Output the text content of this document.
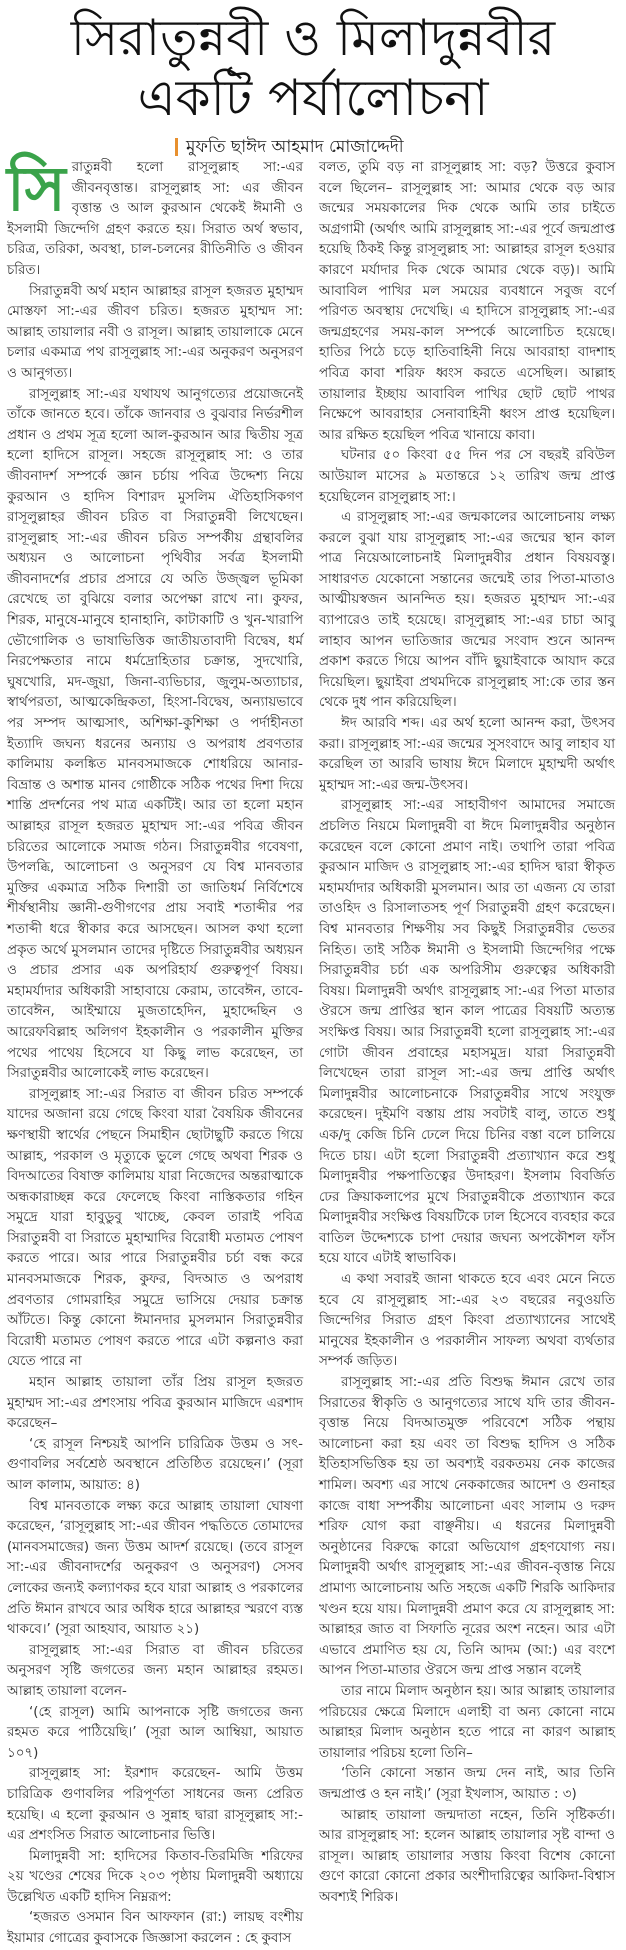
সিরাতুন্নবী ও মিলাদুন্নবীর
একটি পর্যালোচনা
মুফতি ছাঈদ আহমাদ মোজাদ্দেদী

সিরাতুন্নবী হলো রাসূলুল্লাহ সা:-এর জীবনবৃত্তান্ত। রাসূলুল্লাহ সা: এর জীবন বৃত্তান্ত ও আল কুরআন থেকেই ঈমানী ও ইসলামী জিন্দেগি গ্রহণ করতে হয়। সিরাত অর্থ স্বভাব, চরিত্র, তরিকা, অবস্থা, চাল-চলনের রীতিনীতি ও জীবন চরিত।

সিরাতুন্নবী অর্থ মহান আল্লাহর রাসূল হজরত মুহাম্মদ মোস্তফা সা:-এর জীবণ চরিত। হজরত মুহাম্মদ সা: আল্লাহ তায়ালার নবী ও রাসূল। আল্লাহ তায়ালাকে মেনে চলার একমাত্র পথ রাসূলুল্লাহ সা:-এর অনুকরণ অনুসরণ ও আনুগত্য।

রাসূলুল্লাহ সা:-এর যথাযথ আনুগত্যের প্রয়োজনেই তাঁকে জানতে হবে। তাঁকে জানবার ও বুঝবার নির্ভরশীল প্রধান ও প্রথম সূত্র হলো আল-কুরআন আর দ্বিতীয় সূত্র হলো হাদিসে রাসূল। সহজে রাসূলুল্লাহ সা: ও তার জীবনাদর্শ সম্পর্কে জ্ঞান চর্চায় পবিত্র উদ্দেশ্য নিয়ে কুরআন ও হাদিস বিশারদ মুসলিম ঐতিহাসিকগণ রাসূলুল্লাহর জীবন চরিত বা সিরাতুন্নবী লিখেছেন। রাসূলুল্লাহ সা:-এর জীবন চরিত সম্পর্কীয় গ্রন্থাবলির অধ্যয়ন ও আলোচনা পৃথিবীর সর্বত্র ইসলামী জীবনাদর্শের প্রচার প্রসারে যে অতি উজ্জ্বল ভূমিকা রেখেছে তা বুঝিয়ে বলার অপেক্ষা রাখে না। কুফর, শিরক, মানুষে-মানুষে হানাহানি, কাটাকাটি ও খুন-খারাপি ভৌগোলিক ও ভাষাভিত্তিক জাতীয়তাবাদী বিদ্বেষ, ধর্ম নিরপেক্ষতার নামে ধর্মদ্রোহিতার চক্রান্ত, সুদখোরি, ঘুষখোরি, মদ-জুয়া, জিনা-ব্যভিচার, জুলুম-অত্যাচার, স্বার্থপরতা, আত্মকেন্দ্রিকতা, হিংসা-বিদ্বেষ, অন্যায়ভাবে পর সম্পদ আত্মসাৎ, অশিক্ষা-কুশিক্ষা ও পর্দাহীনতা ইত্যাদি জঘন্য ধরনের অন্যায় ও অপরাধ প্রবণতার কালিমায় কলঙ্কিত মানবসমাজকে শোধরিয়ে আনার-বিভ্রান্ত ও অশান্ত মানব গোষ্ঠীকে সঠিক পথের দিশা দিয়ে শান্তি প্রদর্শনের পথ মাত্র একটিই। আর তা হলো মহান আল্লাহর রাসূল হজরত মুহাম্মদ সা:-এর পবিত্র জীবন চরিতের আলোকে সমাজ গঠন। সিরাতুন্নবীর গবেষণা, উপলব্ধি, আলোচনা ও অনুসরণ যে বিশ্ব মানবতার মুক্তির একমাত্র সঠিক দিশারী তা জাতিধর্ম নির্বিশেষে শীর্ষস্থানীয় জ্ঞানী-গুণীগণের প্রায় সবাই শতাব্দীর পর শতাব্দী ধরে স্বীকার করে আসছেন। আসল কথা হলো প্রকৃত অর্থে মুসলমান তাদের দৃষ্টিতে সিরাতুন্নবীর অধ্যয়ন ও প্রচার প্রসার এক অপরিহার্য গুরুত্বপূর্ণ বিষয়। মহামর্যাদার অধিকারী সাহাবায়ে কেরাম, তাবেঈন, তাবে-তাবেঈন, আইম্মায়ে মুজতাহেদিন, মুহাদ্দেছিন ও আরেফবিল্লাহ অলিগণ ইহকালীন ও পরকালীন মুক্তির পথের পাথেয় হিসেবে যা কিছু লাভ করেছেন, তা সিরাতুন্নবীর আলোকেই লাভ করেছেন।

রাসূলুল্লাহ সা:-এর সিরাত বা জীবন চরিত সম্পর্কে যাদের অজানা রয়ে গেছে কিংবা যারা বৈষয়িক জীবনের ক্ষণস্থায়ী স্বার্থের পেছনে সিমাহীন ছোটাছুটি করতে গিয়ে আল্লাহ, পরকাল ও মৃত্যুকে ভুলে গেছে অথবা শিরক ও বিদআতের বিষাক্ত কালিমায় যারা নিজেদের অন্তরাত্মাকে অন্ধকারাচ্ছন্ন করে ফেলেছে কিংবা নাস্তিকতার গহিন সমুদ্রে যারা হাবুডুবু খাচ্ছে, কেবল তারাই পবিত্র সিরাতুন্নবী বা সিরাতে মুহাম্মাদির বিরোধী মতামত পোষণ করতে পারে। আর পারে সিরাতুন্নবীর চর্চা বন্ধ করে মানবসমাজকে শিরক, কুফর, বিদআত ও অপরাধ প্রবণতার গোমরাহির সমুদ্রে ভাসিয়ে দেয়ার চক্রান্ত আঁটতে। কিন্তু কোনো ঈমানদার মুসলমান সিরাতুন্নবীর বিরোধী মতামত পোষণ করতে পারে এটা কল্পনাও করা যেতে পারে না

মহান আল্লাহ তায়ালা তাঁর প্রিয় রাসূল হজরত মুহাম্মদ সা:-এর প্রশংসায় পবিত্র কুরআন মাজিদে এরশাদ করেছেন–

‘হে রাসূল নিশ্চয়ই আপনি চারিত্রিক উত্তম ও সৎ-গুণাবলির সর্বশ্রেষ্ঠ অবস্থানে প্রতিষ্ঠিত রয়েছেন।’ (সূরা আল কালাম, আয়াত: ৪)

বিশ্ব মানবতাকে লক্ষ্য করে আল্লাহ তায়ালা ঘোষণা করেছেন, ‘রাসূলুল্লাহ সা:-এর জীবন পদ্ধতিতে তোমাদের (মানবসমাজের) জন্য উত্তম আদর্শ রয়েছে। (তবে রাসূল সা:-এর জীবনাদর্শের অনুকরণ ও অনুসরণ) সেসব লোকের জন্যই কল্যাণকর হবে যারা আল্লাহ ও পরকালের প্রতি ঈমান রাখবে আর অধিক হারে আল্লাহর স্মরণে ব্যস্ত থাকবে।’ (সূরা আহযাব, আয়াত ২১)

রাসূলুল্লাহ সা:-এর সিরাত বা জীবন চরিতের অনুসরণ সৃষ্টি জগতের জন্য মহান আল্লাহর রহমত। আল্লাহ তায়ালা বলেন-

‘(হে রাসূল) আমি আপনাকে সৃষ্টি জগতের জন্য রহমত করে পাঠিয়েছি।’ (সূরা আল আম্বিয়া, আয়াত ১০৭)

রাসূলুল্লাহ সা: ইরশাদ করেছেন- আমি উত্তম চারিত্রিক গুণাবলির পরিপূর্ণতা সাধনের জন্য প্রেরিত হয়েছি। এ হলো কুরআন ও সুন্নাহ দ্বারা রাসূলুল্লাহ সা:-এর প্রশংসিত সিরাত আলোচনার ভিত্তি।

মিলাদুন্নবী সা: হাদিসের কিতাব-তিরমিজি শরিফের ২য় খণ্ডের শেষের দিকে ২০৩ পৃষ্ঠায় মিলাদুন্নবী অধ্যায়ে উল্লেখিত একটি হাদিস নিম্নরূপ:

‘হজরত ওসমান বিন আফফান (রা:) লায়ছ বংশীয় ইয়ামার গোত্রের কুবাসকে জিজ্ঞাসা করলেন : হে কুবাস

বলত, তুমি বড় না রাসূলুল্লাহ সা: বড়? উত্তরে কুবাস বলে ছিলেন– রাসূলুল্লাহ সা: আমার থেকে বড় আর জন্মের সময়কালের দিক থেকে আমি তার চাইতে অগ্রগামী (অর্থাৎ আমি রাসূলুল্লাহ সা:-এর পূর্বে জন্মপ্রাপ্ত হয়েছি ঠিকই কিন্তু রাসূলুল্লাহ সা: আল্লাহর রাসূল হওয়ার কারণে মর্যাদার দিক থেকে আমার থেকে বড়)। আমি আবাবিল পাখির মল সময়ের ব্যবধানে সবুজ বর্ণে পরিণত অবস্থায় দেখেছি। এ হাদিসে রাসূলুল্লাহ সা:-এর জন্মগ্রহণের সময়-কাল সম্পর্কে আলোচিত হয়েছে। হাতির পিঠে চড়ে হাতিবাহিনী নিয়ে আবরাহা বাদশাহ পবিত্র কাবা শরিফ ধ্বংস করতে এসেছিল। আল্লাহ তায়ালার ইচ্ছায় আবাবিল পাখির ছোট ছোট পাথর নিক্ষেপে আবরাহার সেনাবাহিনী ধ্বংস প্রাপ্ত হয়েছিল। আর রক্ষিত হয়েছিল পবিত্র খানায়ে কাবা।

ঘটনার ৫০ কিংবা ৫৫ দিন পর সে বছরই রবিউল আউয়াল মাসের ৯ মতান্তরে ১২ তারিখ জন্ম প্রাপ্ত হয়েছিলেন রাসূলুল্লাহ সা:।

এ রাসূলুল্লাহ সা:-এর জন্মকালের আলোচনায় লক্ষ্য করলে বুঝা যায় রাসূলুল্লাহ সা:-এর জন্মের স্থান কাল পাত্র নিয়েআলোচনাই মিলাদুন্নবীর প্রধান বিষয়বস্তু। সাধারণত যেকোনো সন্তানের জন্মেই তার পিতা-মাতাও আত্মীয়স্বজন আনন্দিত হয়। হজরত মুহাম্মদ সা:-এর ব্যাপারেও তাই হয়েছে। রাসূলুল্লাহ সা:-এর চাচা আবু লাহাব আপন ভাতিজার জন্মের সংবাদ শুনে আনন্দ প্রকাশ করতে গিয়ে আপন বাঁদি ছুয়াইবাকে আযাদ করে দিয়েছিল। ছুয়াইবা প্রথমদিকে রাসূলুল্লাহ সা:কে তার স্তন থেকে দুধ পান করিয়েছিল।

ঈদ আরবি শব্দ। এর অর্থ হলো আনন্দ করা, উৎসব করা। রাসূলুল্লাহ সা:-এর জন্মের সুসংবাদে আবু লাহাব যা করেছিল তা আরবি ভাষায় ঈদে মিলাদে মুহাম্মদী অর্থাৎ মুহাম্মদ সা:-এর জন্ম-উৎসব।

রাসূলুল্লাহ সা:-এর সাহাবীগণ আমাদের সমাজে প্রচলিত নিয়মে মিলাদুন্নবী বা ঈদে মিলাদুন্নবীর অনুষ্ঠান করেছেন বলে কোনো প্রমাণ নাই। তথাপি তারা পবিত্র কুরআন মাজিদ ও রাসূলুল্লাহ সা:-এর হাদিস দ্বারা স্বীকৃত মহামর্যাদার অধিকারী মুসলমান। আর তা এজন্য যে তারা তাওহিদ ও রিসালাতসহ পূর্ণ সিরাতুন্নবী গ্রহণ করেছেন। বিশ্ব মানবতার শিক্ষণীয় সব কিছুই সিরাতুন্নবীর ভেতর নিহিত। তাই সঠিক ঈমানী ও ইসলামী জিন্দেগির পক্ষে সিরাতুন্নবীর চর্চা এক অপরিসীম গুরুত্বের অধিকারী বিষয়। মিলাদুন্নবী অর্থাৎ রাসূলুল্লাহ সা:-এর পিতা মাতার ঔরসে জন্ম প্রাপ্তির স্থান কাল পাত্রের বিষয়টি অত্যন্ত সংক্ষিপ্ত বিষয়। আর সিরাতুন্নবী হলো রাসূলুল্লাহ সা:-এর গোটা জীবন প্রবাহের মহাসমুদ্র। যারা সিরাতুন্নবী লিখেছেন তারা রাসূল সা:-এর জন্ম প্রাপ্তি অর্থাৎ মিলাদুন্নবীর আলোচনাকে সিরাতুন্নবীর সাথে সংযুক্ত করেছেন। দুইমণি বস্তায় প্রায় সবটাই বালু, তাতে শুধু এক/দু কেজি চিনি ঢেলে দিয়ে চিনির বস্তা বলে চালিয়ে দিতে চায়। এটা হলো সিরাতুন্নবী প্রত্যাখ্যান করে শুধু মিলাদুন্নবীর পক্ষপাতিত্বের উদাহরণ। ইসলাম বিবর্জিত ঢের ক্রিয়াকলাপের মুখে সিরাতুন্নবীকে প্রত্যাখ্যান করে মিলাদুন্নবীর সংক্ষিপ্ত বিষয়টিকে ঢাল হিসেবে ব্যবহার করে বাতিল উদ্দেশ্যকে চাপা দেয়ার জঘন্য অপকৌশল ফাঁস হয়ে যাবে এটাই স্বাভাবিক।

এ কথা সবারই জানা থাকতে হবে এবং মেনে নিতে হবে যে রাসূলুল্লাহ সা:-এর ২৩ বছরের নবুওয়তি জিন্দেগির সিরাত গ্রহণ কিংবা প্রত্যাখ্যানের সাথেই মানুষের ইহকালীন ও পরকালীন সাফল্য অথবা ব্যর্থতার সম্পর্ক জড়িত।

রাসূলুল্লাহ সা:-এর প্রতি বিশুদ্ধ ঈমান রেখে তার সিরাতের স্বীকৃতি ও আনুগত্যের সাথে যদি তার জীবন-বৃত্তান্ত নিয়ে বিদআতমুক্ত পরিবেশে সঠিক পন্থায় আলোচনা করা হয় এবং তা বিশুদ্ধ হাদিস ও সঠিক ইতিহাসভিত্তিক হয় তা অবশ্যই বরকতময় নেক কাজের শামিল। অবশ্য এর সাথে নেককাজের আদেশ ও গুনাহর কাজে বাধা সম্পর্কীয় আলোচনা এবং সালাম ও দরুদ শরিফ যোগ করা বাঞ্ছনীয়। এ ধরনের মিলাদুন্নবী অনুষ্ঠানের বিরুদ্ধে কারো অভিযোগ গ্রহণযোগ্য নয়। মিলাদুন্নবী অর্থাৎ রাসূলুল্লাহ সা:-এর জীবন-বৃত্তান্ত নিয়ে প্রামাণ্য আলোচনায় অতি সহজে একটি শিরকি আকিদার খণ্ডন হয়ে যায়। মিলাদুন্নবী প্রমাণ করে যে রাসূলুল্লাহ সা: আল্লাহর জাত বা সিফাতি নূরের অংশ নহেন। আর এটা এভাবে প্রমাণিত হয় যে, তিনি আদম (আ:) এর বংশে আপন পিতা-মাতার ঔরসে জন্ম প্রাপ্ত সন্তান বলেই

তার নামে মিলাদ অনুষ্ঠান হয়। আর আল্লাহ তায়ালার পরিচয়ের ক্ষেত্রে মিলাদে এলাহী বা অন্য কোনো নামে আল্লাহর মিলাদ অনুষ্ঠান হতে পারে না কারণ আল্লাহ তায়ালার পরিচয় হলো তিনি–

‘তিনি কোনো সন্তান জন্ম দেন নাই, আর তিনি জন্মপ্রাপ্ত ও হন নাই।’ (সূরা ইখলাস, আয়াত : ৩)

আল্লাহ তায়ালা জন্মদাতা নহেন, তিনি সৃষ্টিকর্তা। আর রাসূলুল্লাহ সা: হলেন আল্লাহ তায়ালার সৃষ্ট বান্দা ও রাসূল। আল্লাহ তায়ালার সত্তায় কিংবা বিশেষ কোনো গুণে কারো কোনো প্রকার অংশীদারিত্বের আকিদা-বিশ্বাস অবশ্যই শিরিক।
